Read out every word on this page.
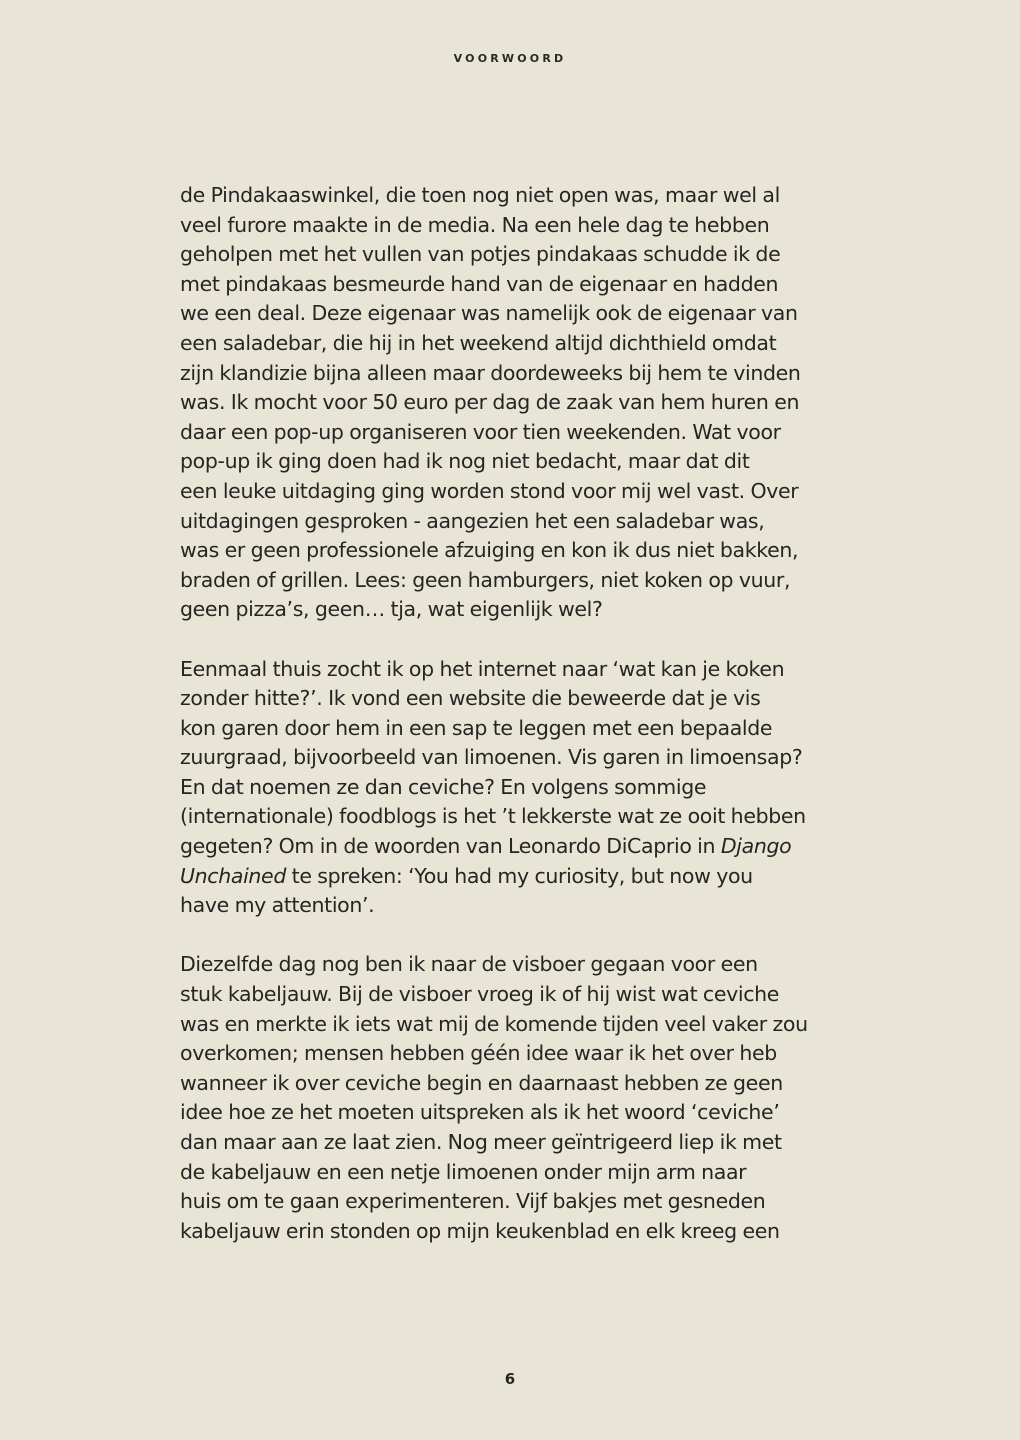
VOORWOORD

de Pindakaaswinkel, die toen nog niet open was, maar wel al
veel furore maakte in de media. Na een hele dag te hebben
geholpen met het vullen van potjes pindakaas schudde ik de
met pindakaas besmeurde hand van de eigenaar en hadden
we een deal. Deze eigenaar was namelijk ook de eigenaar van
een saladebar, die hij in het weekend altijd dichthield omdat
zijn klandizie bijna alleen maar doordeweeks bij hem te vinden
was. Ik mocht voor 50 euro per dag de zaak van hem huren en
daar een pop-up organiseren voor tien weekenden. Wat voor
pop-up ik ging doen had ik nog niet bedacht, maar dat dit
een leuke uitdaging ging worden stond voor mij wel vast. Over
uitdagingen gesproken - aangezien het een saladebar was,
was er geen professionele afzuiging en kon ik dus niet bakken,
braden of grillen. Lees: geen hamburgers, niet koken op vuur,
geen pizza’s, geen… tja, wat eigenlijk wel?

Eenmaal thuis zocht ik op het internet naar ‘wat kan je koken
zonder hitte?’. Ik vond een website die beweerde dat je vis
kon garen door hem in een sap te leggen met een bepaalde
zuurgraad, bijvoorbeeld van limoenen. Vis garen in limoensap?
En dat noemen ze dan ceviche? En volgens sommige
(internationale) foodblogs is het ’t lekkerste wat ze ooit hebben
gegeten? Om in de woorden van Leonardo DiCaprio in Django
Unchained te spreken: ‘You had my curiosity, but now you
have my attention’.

Diezelfde dag nog ben ik naar de visboer gegaan voor een
stuk kabeljauw. Bij de visboer vroeg ik of hij wist wat ceviche
was en merkte ik iets wat mij de komende tijden veel vaker zou
overkomen; mensen hebben géén idee waar ik het over heb
wanneer ik over ceviche begin en daarnaast hebben ze geen
idee hoe ze het moeten uitspreken als ik het woord ‘ceviche’
dan maar aan ze laat zien. Nog meer geïntrigeerd liep ik met
de kabeljauw en een netje limoenen onder mijn arm naar
huis om te gaan experimenteren. Vijf bakjes met gesneden
kabeljauw erin stonden op mijn keukenblad en elk kreeg een

6
